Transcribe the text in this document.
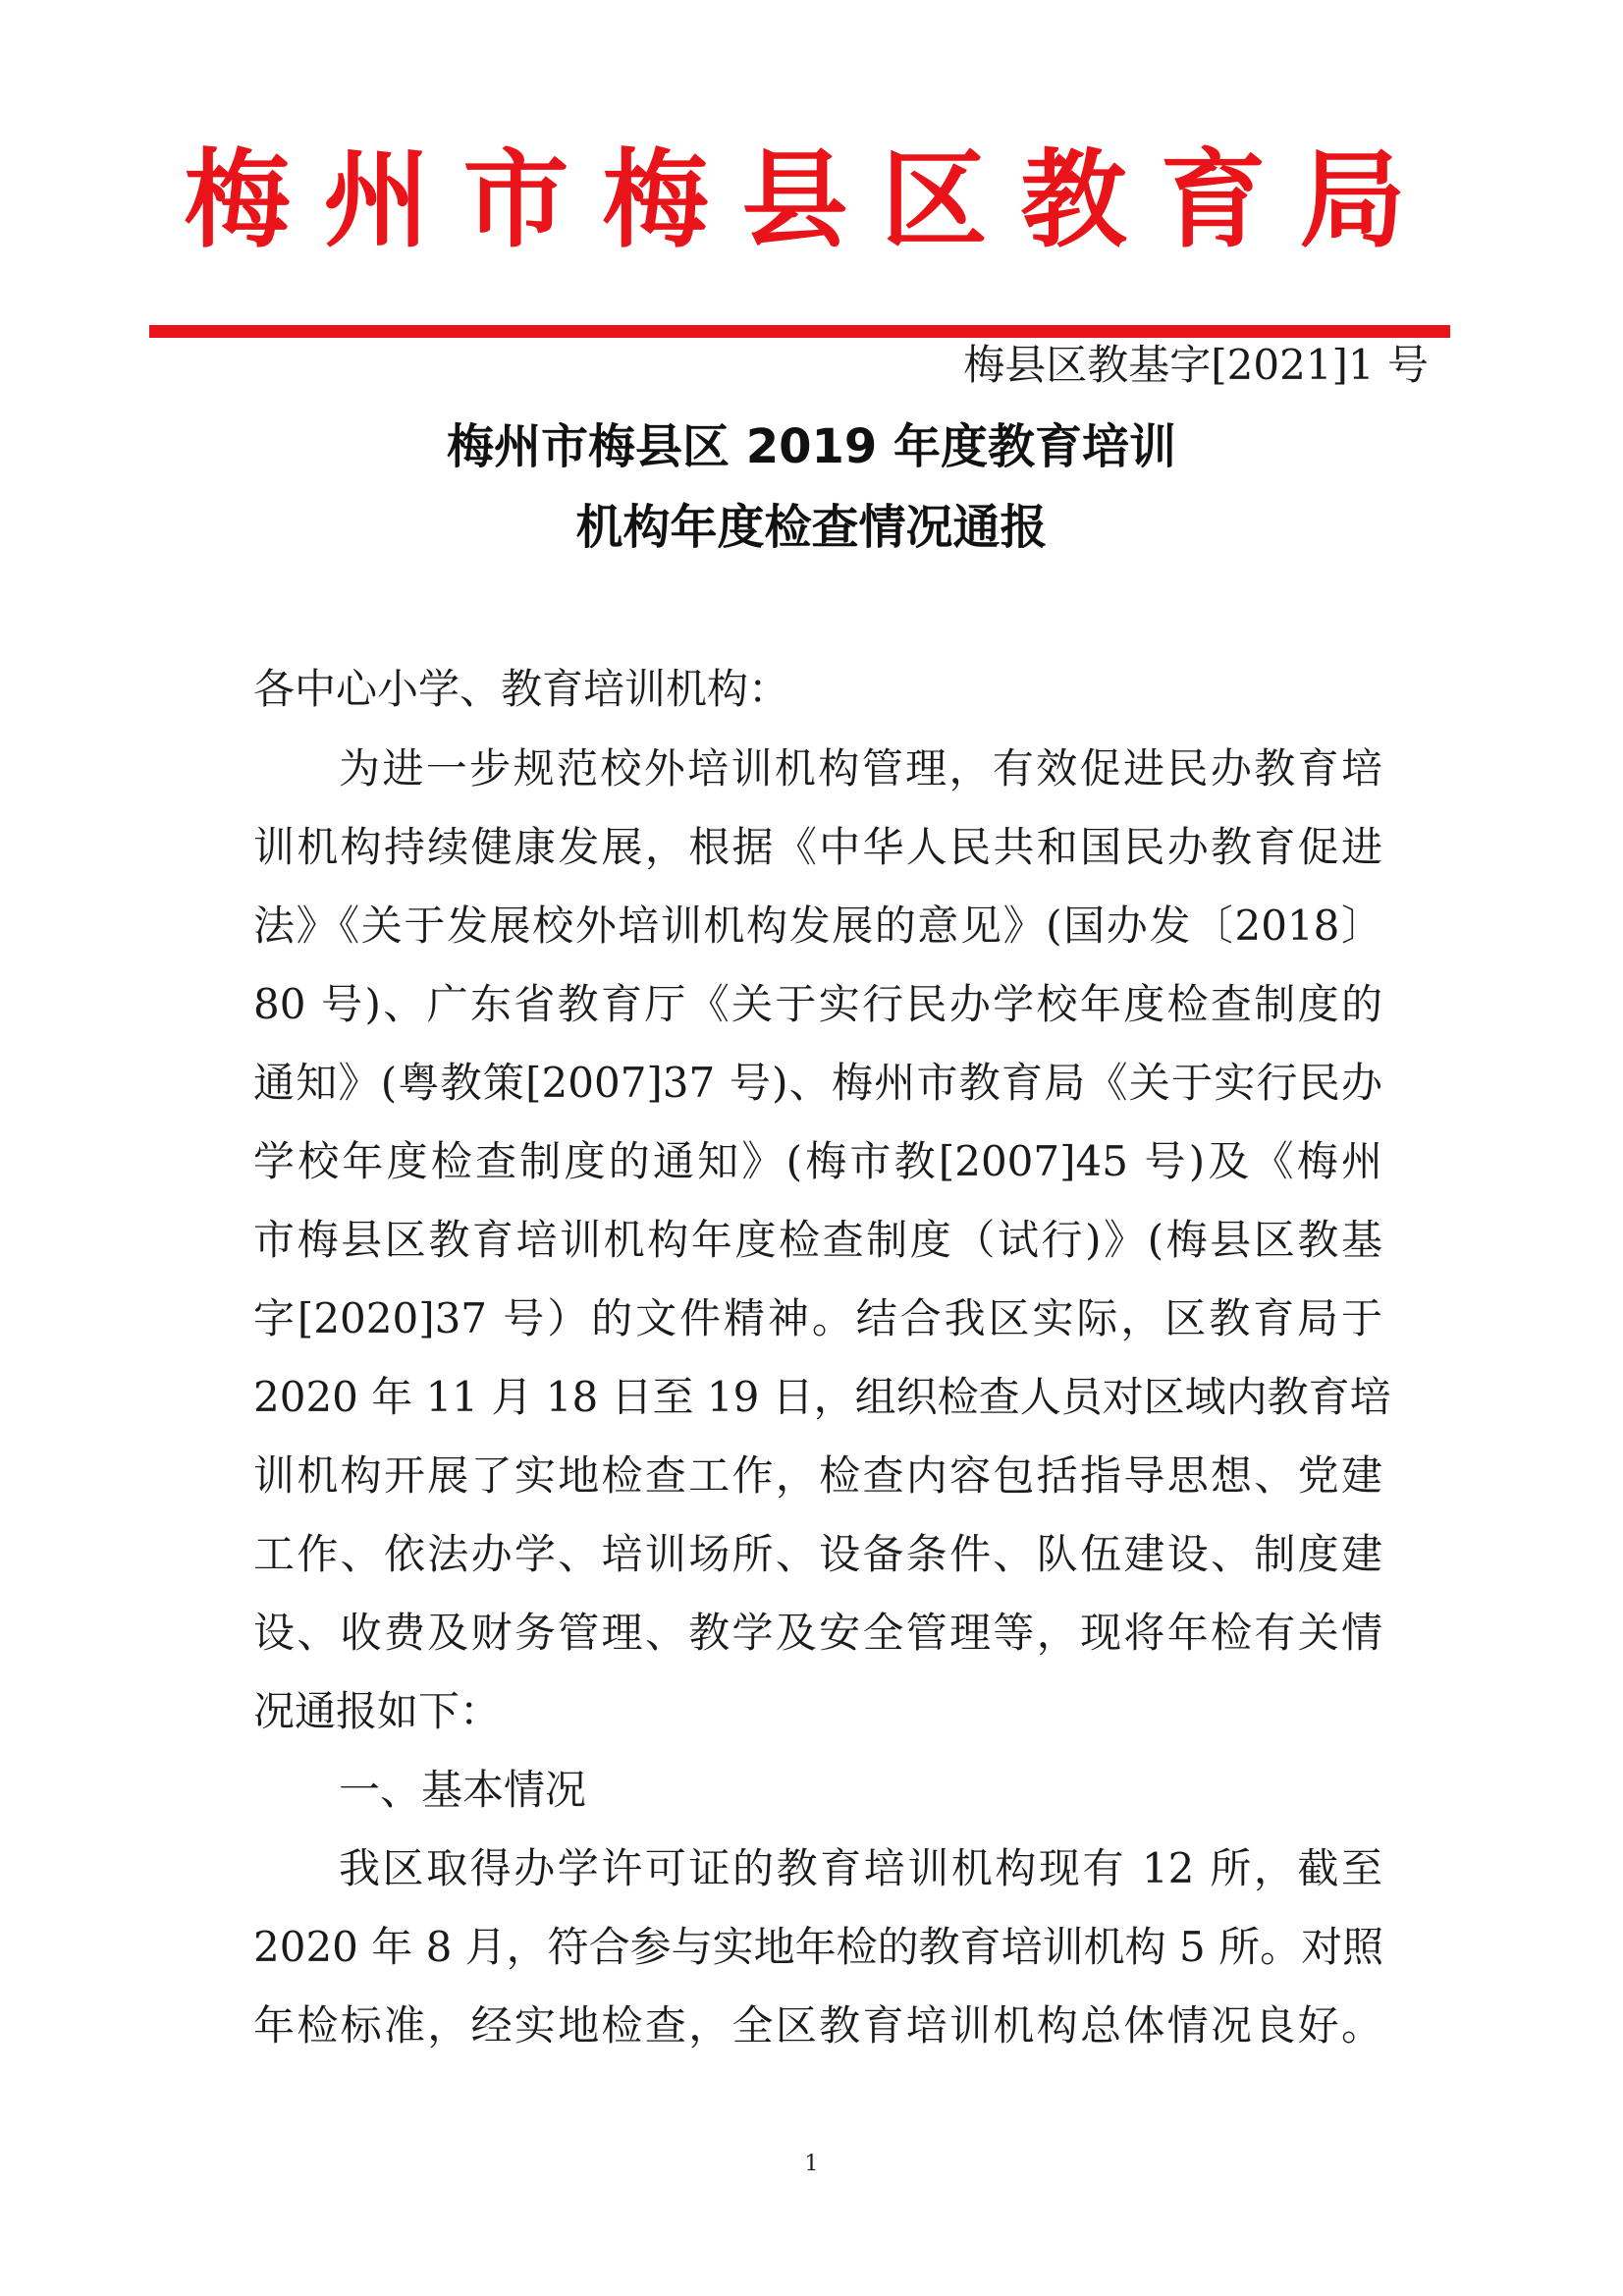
梅州市梅县区教育局
梅县区教基字[2021]1 号
梅州市梅县区 2019 年度教育培训
机构年度检查情况通报
各中心小学、教育培训机构：
为进一步规范校外培训机构管理，有效促进民办教育培
训机构持续健康发展，根据《中华人民共和国民办教育促进
法》《关于发展校外培训机构发展的意见》(国办发〔2018〕
80 号)、广东省教育厅《关于实行民办学校年度检查制度的
通知》(粤教策[2007]37 号)、梅州市教育局《关于实行民办
学校年度检查制度的通知》(梅市教[2007]45 号)及《梅州
市梅县区教育培训机构年度检查制度（试行)》(梅县区教基
字[2020]37 号）的文件精神。结合我区实际，区教育局于
2020 年 11 月 18 日至 19 日，组织检查人员对区域内教育培
训机构开展了实地检查工作，检查内容包括指导思想、党建
工作、依法办学、培训场所、设备条件、队伍建设、制度建
设、收费及财务管理、教学及安全管理等，现将年检有关情
况通报如下：
一、基本情况
我区取得办学许可证的教育培训机构现有 12 所，截至
2020 年 8 月，符合参与实地年检的教育培训机构 5 所。对照
年检标准，经实地检查，全区教育培训机构总体情况良好。
1
